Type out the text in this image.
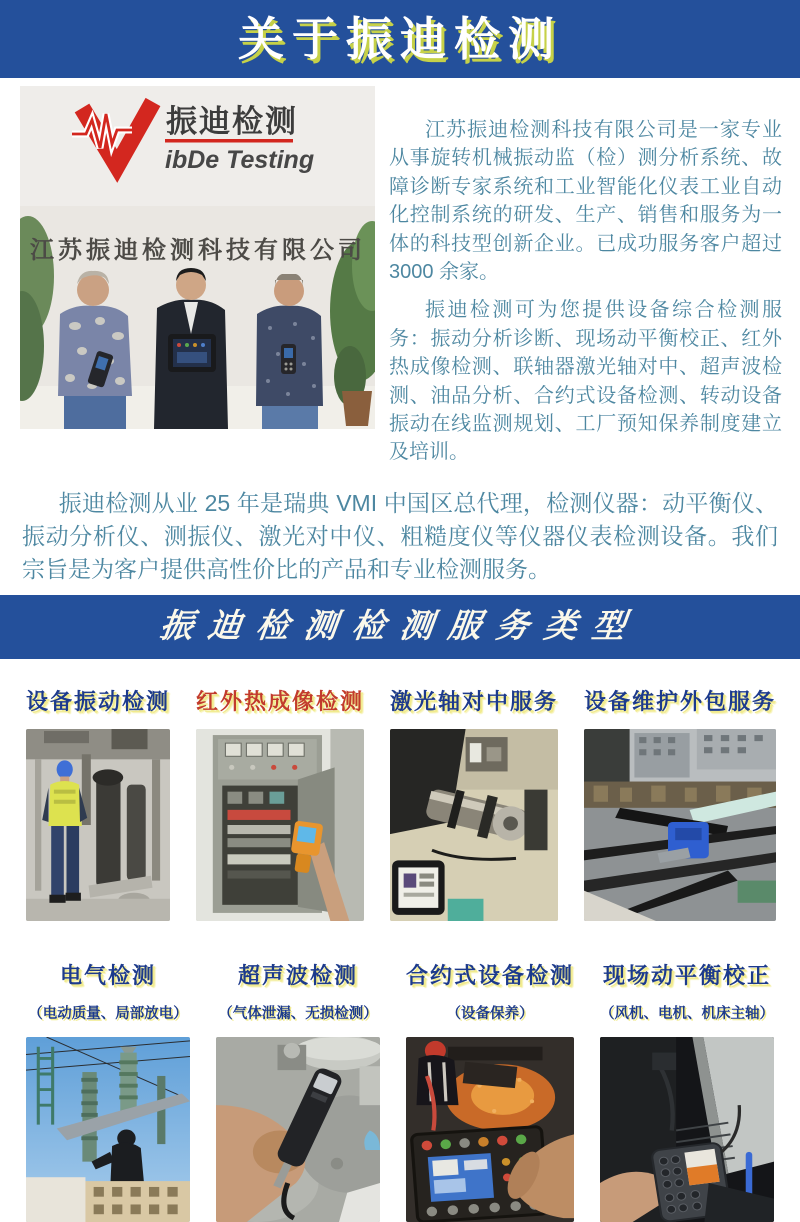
关于振迪检测
振迪检测
ibDe Testing
江苏振迪检测科技有限公司

江苏振迪检测科技有限公司是一家专业从事旋转机械振动监（检）测分析系统、故障诊断专家系统和工业智能化仪表工业自动化控制系统的研发、生产、销售和服务为一体的科技型创新企业。已成功服务客户超过 3000 余家。

振迪检测可为您提供设备综合检测服务：振动分析诊断、现场动平衡校正、红外热成像检测、联轴器激光轴对中、超声波检测、油品分析、合约式设备检测、转动设备振动在线监测规划、工厂预知保养制度建立及培训。

振迪检测从业 25 年是瑞典 VMI 中国区总代理，检测仪器：动平衡仪、振动分析仪、测振仪、激光对中仪、粗糙度仪等仪器仪表检测设备。我们宗旨是为客户提供高性价比的产品和专业检测服务。

振迪检测检测服务类型
设备振动检测 红外热成像检测 激光轴对中服务 设备维护外包服务
电气检测
（电动质量、局部放电）
超声波检测
（气体泄漏、无损检测）
合约式设备检测
（设备保养）
现场动平衡校正
（风机、电机、机床主轴）
